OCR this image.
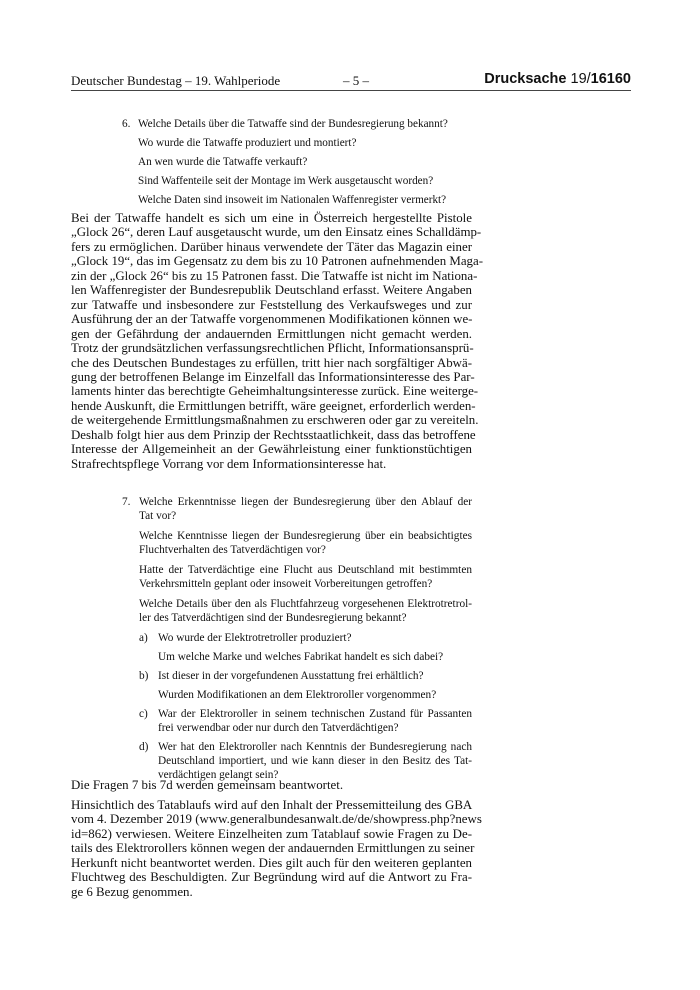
Deutscher Bundestag – 19. Wahlperiode	– 5 –	Drucksache 19/16160
6. Welche Details über die Tatwaffe sind der Bundesregierung bekannt?
Wo wurde die Tatwaffe produziert und montiert?
An wen wurde die Tatwaffe verkauft?
Sind Waffenteile seit der Montage im Werk ausgetauscht worden?
Welche Daten sind insoweit im Nationalen Waffenregister vermerkt?
Bei der Tatwaffe handelt es sich um eine in Österreich hergestellte Pistole
„Glock 26“, deren Lauf ausgetauscht wurde, um den Einsatz eines Schalldämp-
fers zu ermöglichen. Darüber hinaus verwendete der Täter das Magazin einer
„Glock 19“, das im Gegensatz zu dem bis zu 10 Patronen aufnehmenden Maga-
zin der „Glock 26“ bis zu 15 Patronen fasst. Die Tatwaffe ist nicht im Nationa-
len Waffenregister der Bundesrepublik Deutschland erfasst. Weitere Angaben
zur Tatwaffe und insbesondere zur Feststellung des Verkaufsweges und zur
Ausführung der an der Tatwaffe vorgenommenen Modifikationen können we-
gen der Gefährdung der andauernden Ermittlungen nicht gemacht werden.
Trotz der grundsätzlichen verfassungsrechtlichen Pflicht, Informationsansprü-
che des Deutschen Bundestages zu erfüllen, tritt hier nach sorgfältiger Abwä-
gung der betroffenen Belange im Einzelfall das Informationsinteresse des Par-
laments hinter das berechtigte Geheimhaltungsinteresse zurück. Eine weiterge-
hende Auskunft, die Ermittlungen betrifft, wäre geeignet, erforderlich werden-
de weitergehende Ermittlungsmaßnahmen zu erschweren oder gar zu vereiteln.
Deshalb folgt hier aus dem Prinzip der Rechtsstaatlichkeit, dass das betroffene
Interesse der Allgemeinheit an der Gewährleistung einer funktionstüchtigen
Strafrechtspflege Vorrang vor dem Informationsinteresse hat.
7. Welche Erkenntnisse liegen der Bundesregierung über den Ablauf der
Tat vor?
Welche Kenntnisse liegen der Bundesregierung über ein beabsichtigtes
Fluchtverhalten des Tatverdächtigen vor?
Hatte der Tatverdächtige eine Flucht aus Deutschland mit bestimmten
Verkehrsmitteln geplant oder insoweit Vorbereitungen getroffen?
Welche Details über den als Fluchtfahrzeug vorgesehenen Elektrotretrol-
ler des Tatverdächtigen sind der Bundesregierung bekannt?
a) Wo wurde der Elektrotretroller produziert?
Um welche Marke und welches Fabrikat handelt es sich dabei?
b) Ist dieser in der vorgefundenen Ausstattung frei erhältlich?
Wurden Modifikationen an dem Elektroroller vorgenommen?
c) War der Elektroroller in seinem technischen Zustand für Passanten
frei verwendbar oder nur durch den Tatverdächtigen?
d) Wer hat den Elektroroller nach Kenntnis der Bundesregierung nach
Deutschland importiert, und wie kann dieser in den Besitz des Tat-
verdächtigen gelangt sein?
Die Fragen 7 bis 7d werden gemeinsam beantwortet.
Hinsichtlich des Tatablaufs wird auf den Inhalt der Pressemitteilung des GBA
vom 4. Dezember 2019 (www.generalbundesanwalt.de/de/showpress.php?news
id=862) verwiesen. Weitere Einzelheiten zum Tatablauf sowie Fragen zu De-
tails des Elektrorollers können wegen der andauernden Ermittlungen zu seiner
Herkunft nicht beantwortet werden. Dies gilt auch für den weiteren geplanten
Fluchtweg des Beschuldigten. Zur Begründung wird auf die Antwort zu Fra-
ge 6 Bezug genommen.
